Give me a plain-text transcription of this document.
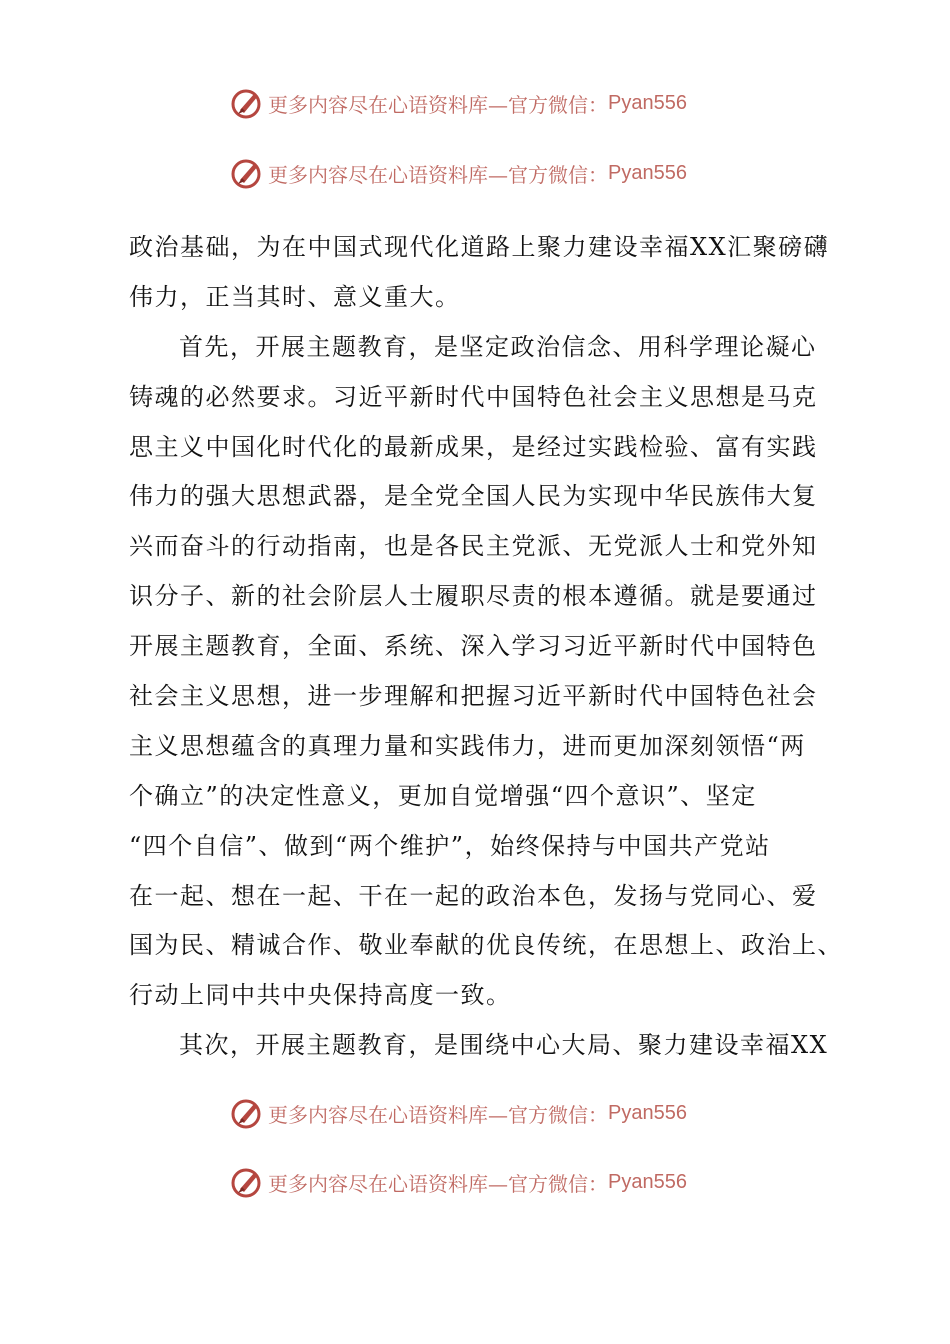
更多内容尽在心语资料库—官方微信： Pyan556
更多内容尽在心语资料库—官方微信： Pyan556
政治基础，为在中国式现代化道路上聚力建设幸福XX汇聚磅礴
伟力，正当其时、意义重大。
首先，开展主题教育，是坚定政治信念、用科学理论凝心
铸魂的必然要求。习近平新时代中国特色社会主义思想是马克
思主义中国化时代化的最新成果，是经过实践检验、富有实践
伟力的强大思想武器，是全党全国人民为实现中华民族伟大复
兴而奋斗的行动指南，也是各民主党派、无党派人士和党外知
识分子、新的社会阶层人士履职尽责的根本遵循。就是要通过
开展主题教育，全面、系统、深入学习习近平新时代中国特色
社会主义思想，进一步理解和把握习近平新时代中国特色社会
主义思想蕴含的真理力量和实践伟力，进而更加深刻领悟“两
个确立”的决定性意义，更加自觉增强“四个意识”、坚定
“四个自信”、做到“两个维护”，始终保持与中国共产党站
在一起、想在一起、干在一起的政治本色，发扬与党同心、爱
国为民、精诚合作、敬业奉献的优良传统，在思想上、政治上、
行动上同中共中央保持高度一致。
其次，开展主题教育，是围绕中心大局、聚力建设幸福XX
更多内容尽在心语资料库—官方微信： Pyan556
更多内容尽在心语资料库—官方微信： Pyan556
